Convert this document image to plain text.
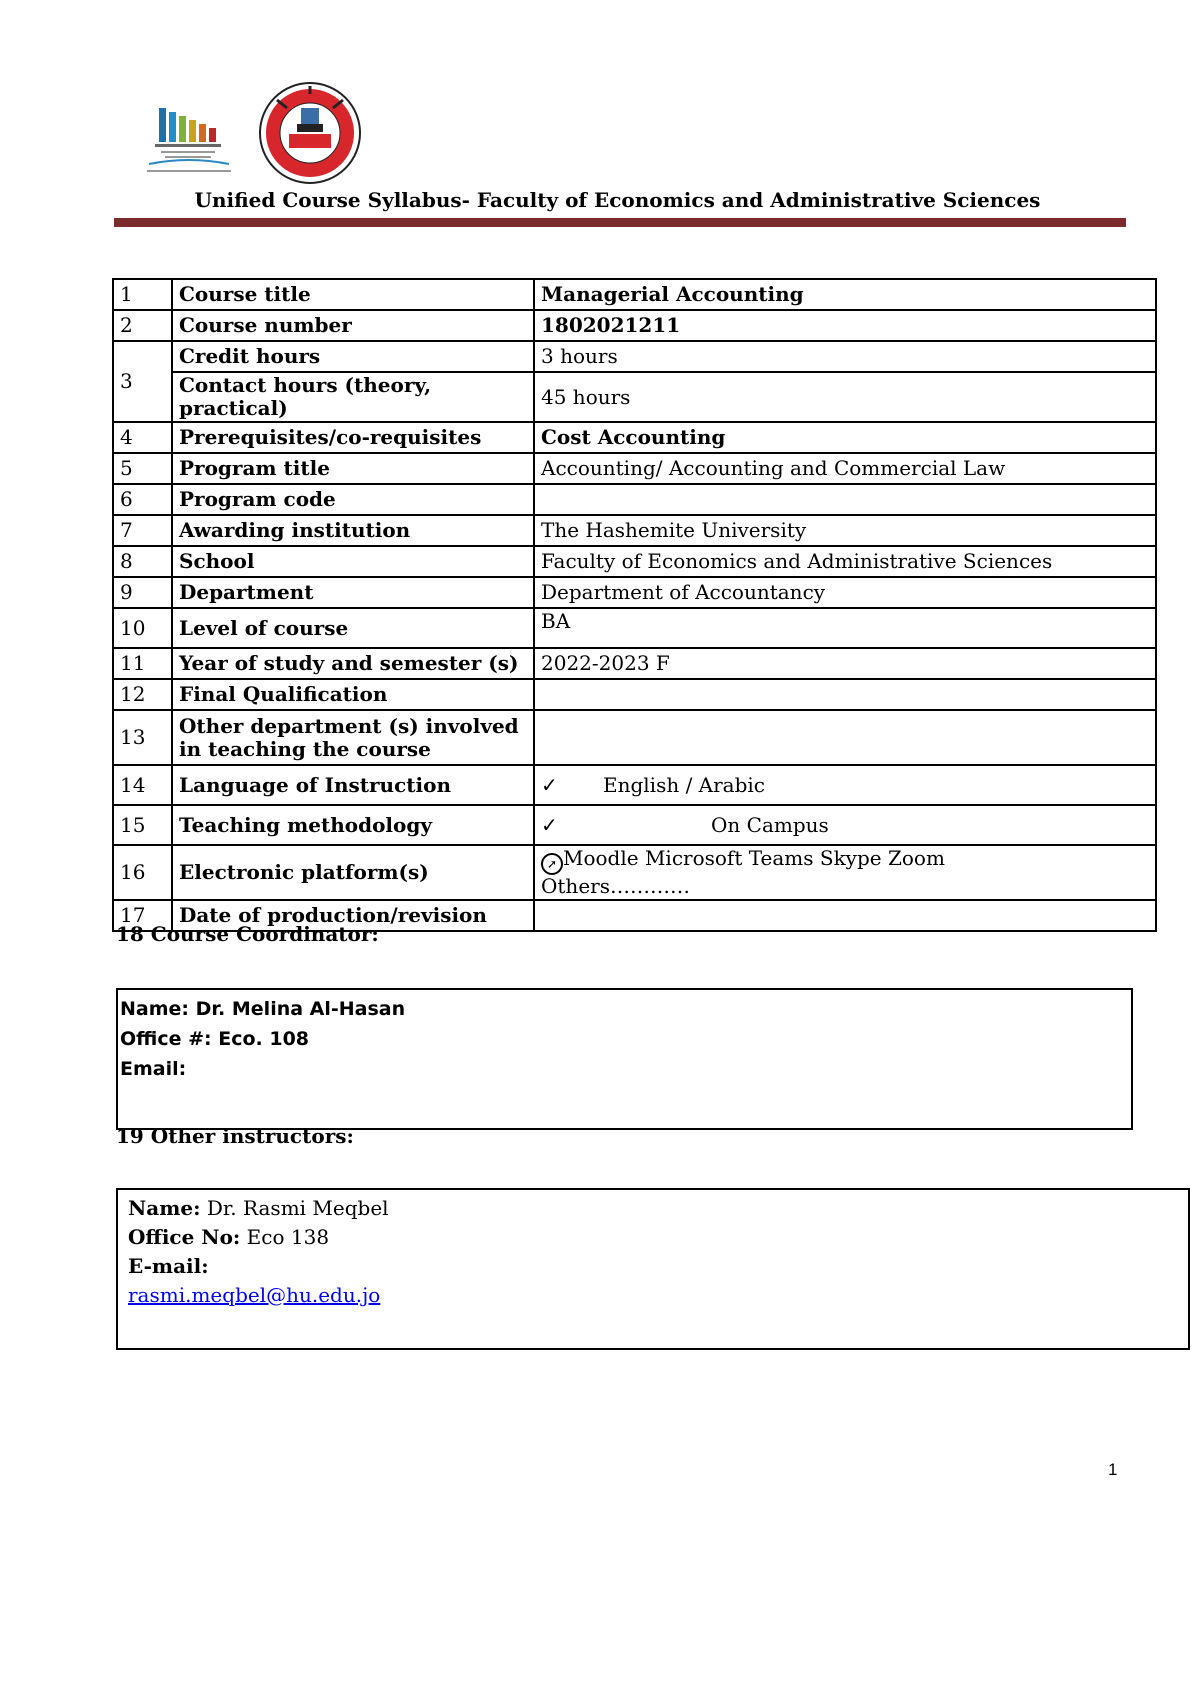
Unified Course Syllabus- Faculty of Economics and Administrative Sciences
1	Course title	Managerial Accounting
2	Course number	1802021211
3	Credit hours	3 hours
	Contact hours (theory, practical)	45 hours
4	Prerequisites/co-requisites	Cost Accounting
5	Program title	Accounting/ Accounting and Commercial Law
6	Program code	
7	Awarding institution	The Hashemite University
8	School	Faculty of Economics and Administrative Sciences
9	Department	Department of Accountancy
10	Level of course	BA
11	Year of study and semester (s)	2022-2023 F
12	Final Qualification	
13	Other department (s) involved in teaching the course	
14	Language of Instruction	✓ English / Arabic
15	Teaching methodology	✓ On Campus
16	Electronic platform(s)	➚ Moodle Microsoft Teams Skype Zoom
Others…………
17	Date of production/revision	
18 Course Coordinator:
Name: Dr. Melina Al-Hasan
Office #: Eco. 108
Email:
19 Other instructors:
Name: Dr. Rasmi Meqbel
Office No: Eco 138
E-mail:
rasmi.meqbel@hu.edu.jo
1
